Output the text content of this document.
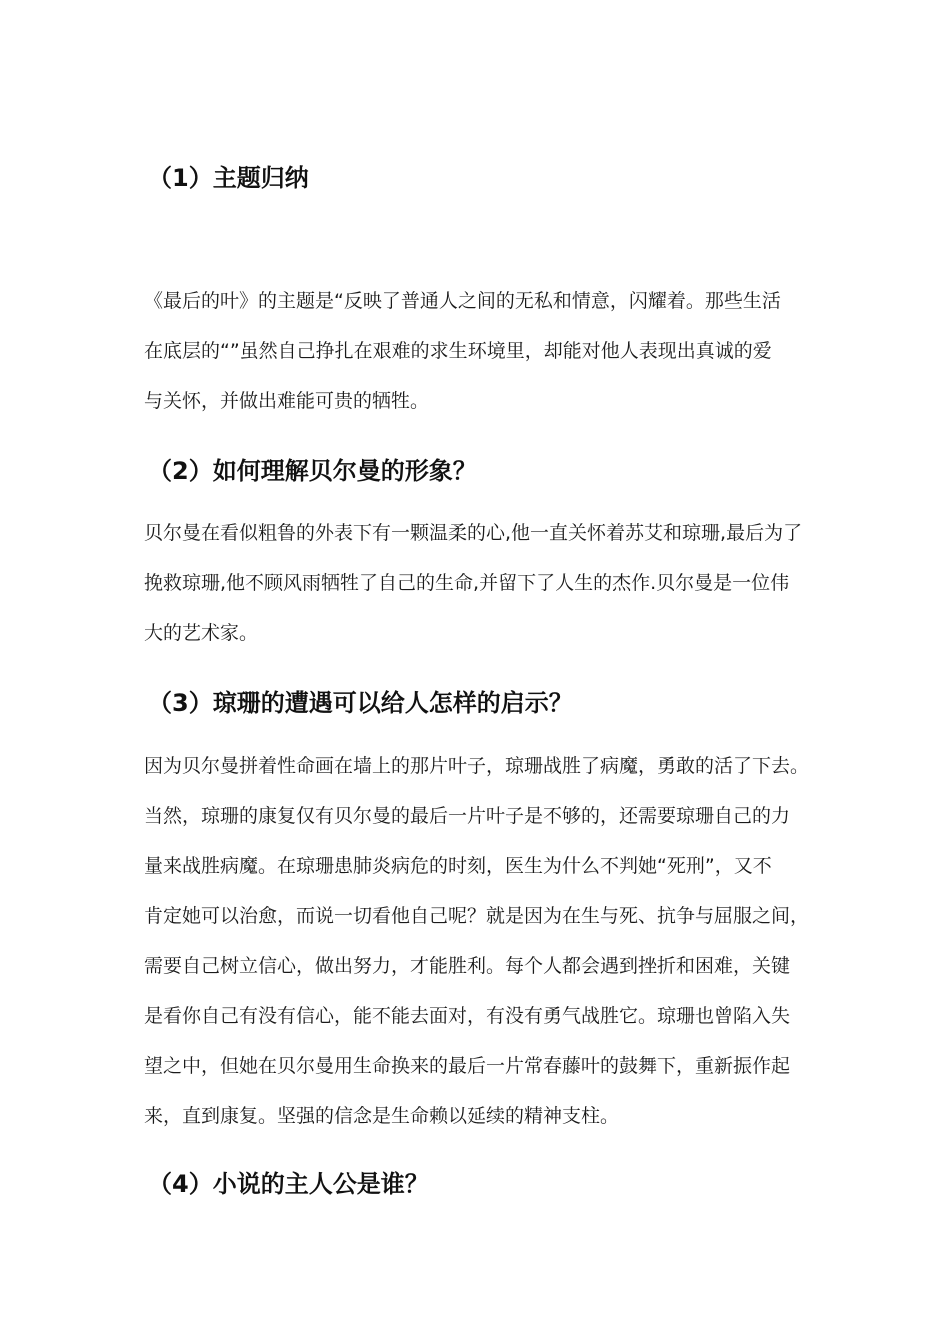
（1）主题归纳
《最后的叶》的主题是“反映了普通人之间的无私和情意，闪耀着。那些生活
在底层的“”虽然自己挣扎在艰难的求生环境里，却能对他人表现出真诚的爱
与关怀，并做出难能可贵的牺牲。
（2）如何理解贝尔曼的形象？
贝尔曼在看似粗鲁的外表下有一颗温柔的心,他一直关怀着苏艾和琼珊,最后为了
挽救琼珊,他不顾风雨牺牲了自己的生命,并留下了人生的杰作.贝尔曼是一位伟
大的艺术家。
（3）琼珊的遭遇可以给人怎样的启示？
因为贝尔曼拼着性命画在墙上的那片叶子，琼珊战胜了病魔，勇敢的活了下去。
当然，琼珊的康复仅有贝尔曼的最后一片叶子是不够的，还需要琼珊自己的力
量来战胜病魔。在琼珊患肺炎病危的时刻，医生为什么不判她“死刑”，又不
肯定她可以治愈，而说一切看他自己呢？就是因为在生与死、抗争与屈服之间，
需要自己树立信心，做出努力，才能胜利。每个人都会遇到挫折和困难，关键
是看你自己有没有信心，能不能去面对，有没有勇气战胜它。琼珊也曾陷入失
望之中，但她在贝尔曼用生命换来的最后一片常春藤叶的鼓舞下，重新振作起
来，直到康复。坚强的信念是生命赖以延续的精神支柱。
（4）小说的主人公是谁？
